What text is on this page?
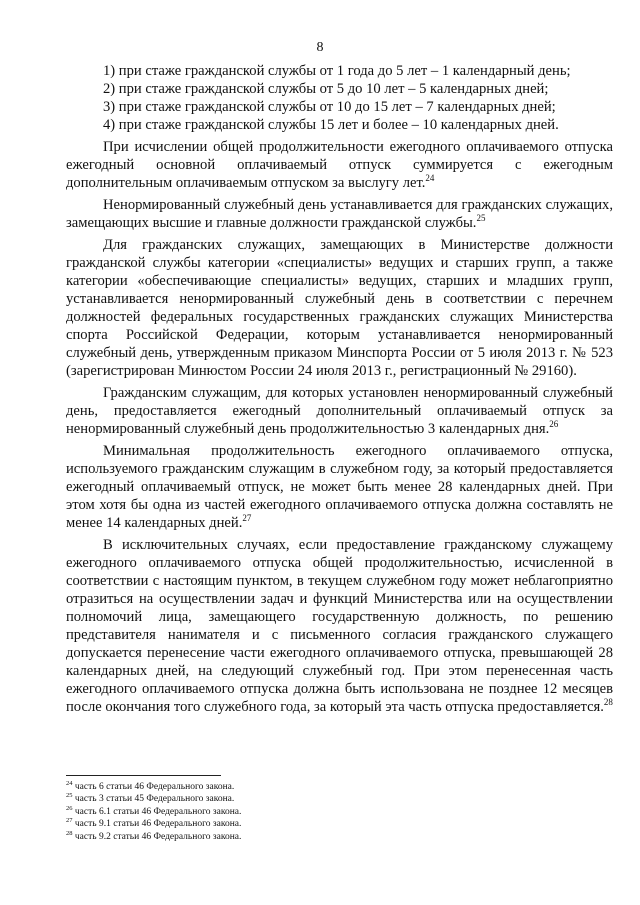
8

1) при стаже гражданской службы от 1 года до 5 лет – 1 календарный день;

2) при стаже гражданской службы от 5 до 10 лет – 5 календарных дней;

3) при стаже гражданской службы от 10 до 15 лет – 7 календарных дней;

4) при стаже гражданской службы 15 лет и более – 10 календарных дней.

При исчислении общей продолжительности ежегодного оплачиваемого отпуска ежегодный основной оплачиваемый отпуск суммируется с ежегодным дополнительным оплачиваемым отпуском за выслугу лет.$^{24}$

Ненормированный служебный день устанавливается для гражданских служащих, замещающих высшие и главные должности гражданской службы.$^{25}$

Для гражданских служащих, замещающих в Министерстве должности гражданской службы категории «специалисты» ведущих и старших групп, а также категории «обеспечивающие специалисты» ведущих, старших и младших групп, устанавливается ненормированный служебный день в соответствии с перечнем должностей федеральных государственных гражданских служащих Министерства спорта Российской Федерации, которым устанавливается ненормированный служебный день, утвержденным приказом Минспорта России от 5 июля 2013 г. № 523 (зарегистрирован Минюстом России 24 июля 2013 г., регистрационный № 29160).

Гражданским служащим, для которых установлен ненормированный служебный день, предоставляется ежегодный дополнительный оплачиваемый отпуск за ненормированный служебный день продолжительностью 3 календарных дня.$^{26}$

Минимальная продолжительность ежегодного оплачиваемого отпуска, используемого гражданским служащим в служебном году, за который предоставляется ежегодный оплачиваемый отпуск, не может быть менее 28 календарных дней. При этом хотя бы одна из частей ежегодного оплачиваемого отпуска должна составлять не менее 14 календарных дней.$^{27}$

В исключительных случаях, если предоставление гражданскому служащему ежегодного оплачиваемого отпуска общей продолжительностью, исчисленной в соответствии с настоящим пунктом, в текущем служебном году может неблагоприятно отразиться на осуществлении задач и функций Министерства или на осуществлении полномочий лица, замещающего государственную должность, по решению представителя нанимателя и с письменного согласия гражданского служащего допускается перенесение части ежегодного оплачиваемого отпуска, превышающей 28 календарных дней, на следующий служебный год. При этом перенесенная часть ежегодного оплачиваемого отпуска должна быть использована не позднее 12 месяцев после окончания того служебного года, за который эта часть отпуска предоставляется.$^{28}$

$^{24}$ часть 6 статьи 46 Федерального закона.
$^{25}$ часть 3 статьи 45 Федерального закона.
$^{26}$ часть 6.1 статьи 46 Федерального закона.
$^{27}$ часть 9.1 статьи 46 Федерального закона.
$^{28}$ часть 9.2 статьи 46 Федерального закона.
